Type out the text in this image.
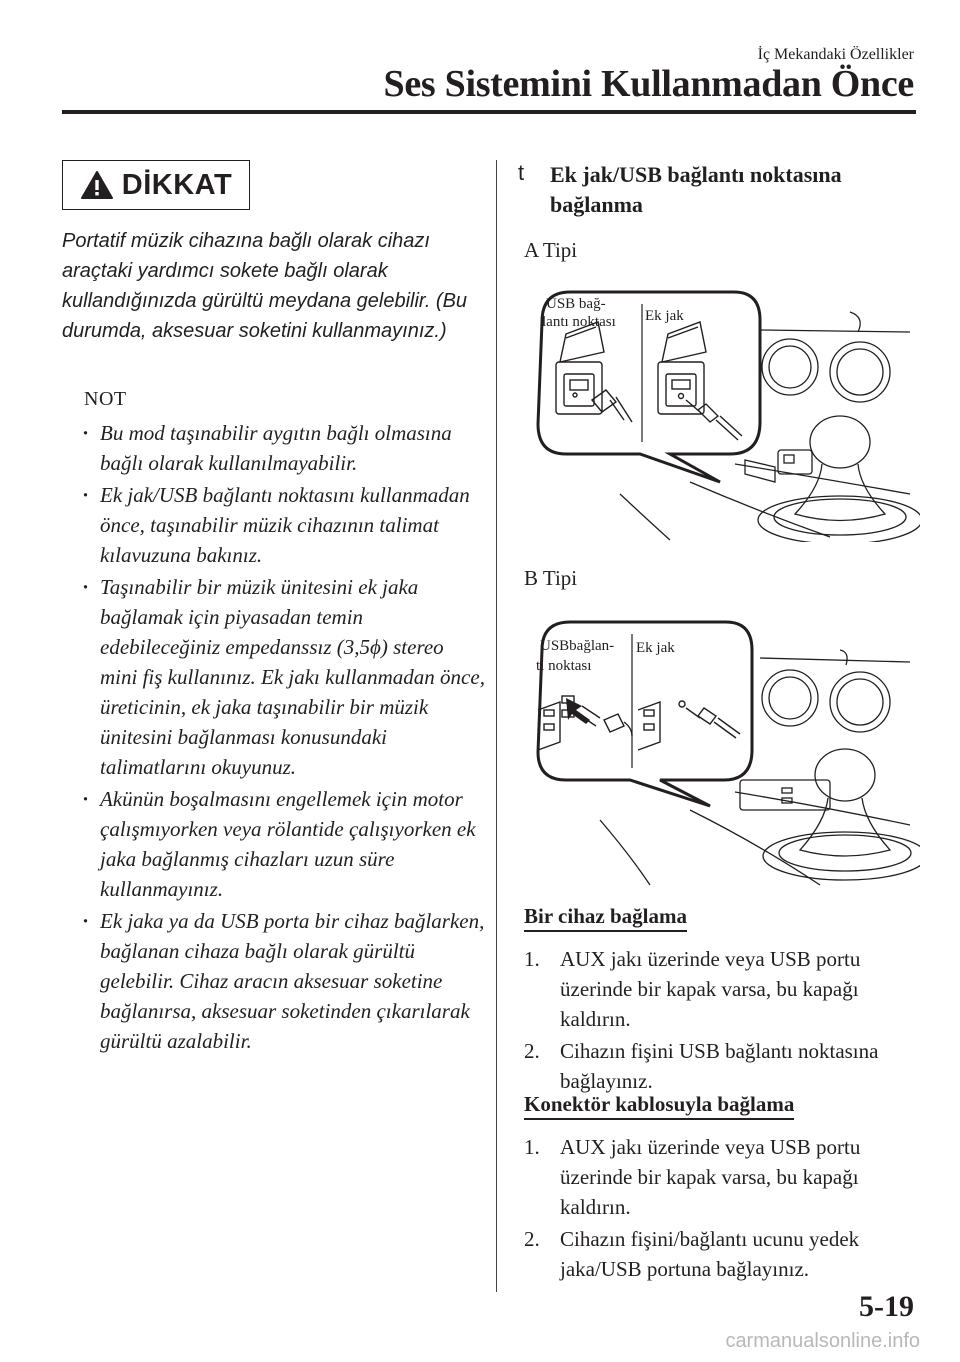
İç Mekandaki Özellikler
Ses Sistemini Kullanmadan Önce
DİKKAT
Portatif müzik cihazına bağlı olarak cihazı araçtaki yardımcı sokete bağlı olarak kullandığınızda gürültü meydana gelebilir. (Bu durumda, aksesuar soketini kullanmayınız.)
NOT
· Bu mod taşınabilir aygıtın bağlı olmasına bağlı olarak kullanılmayabilir.
· Ek jak/USB bağlantı noktasını kullanmadan önce, taşınabilir müzik cihazının talimat kılavuzuna bakınız.
· Taşınabilir bir müzik ünitesini ek jaka bağlamak için piyasadan temin edebileceğiniz empedanssız (3,5ϕ) stereo mini fiş kullanınız. Ek jakı kullanmadan önce, üreticinin, ek jaka taşınabilir bir müzik ünitesini bağlanması konusundaki talimatlarını okuyunuz.
· Akünün boşalmasını engellemek için motor çalışmıyorken veya rölantide çalışıyorken ek jaka bağlanmış cihazları uzun süre kullanmayınız.
· Ek jaka ya da USB porta bir cihaz bağlarken, bağlanan cihaza bağlı olarak gürültü gelebilir. Cihaz aracın aksesuar soketine bağlanırsa, aksesuar soketinden çıkarılarak gürültü azalabilir.
t Ek jak/USB bağlantı noktasına bağlanma
A Tipi
USB bağ-
lantı noktası Ek jak
B Tipi
USBbağlan-
tı noktası
Ek jak
Bir cihaz bağlama
1. AUX jakı üzerinde veya USB portu üzerinde bir kapak varsa, bu kapağı kaldırın.
2. Cihazın fişini USB bağlantı noktasına bağlayınız.
Konektör kablosuyla bağlama
1. AUX jakı üzerinde veya USB portu üzerinde bir kapak varsa, bu kapağı kaldırın.
2. Cihazın fişini/bağlantı ucunu yedek jaka/USB portuna bağlayınız.
5-19
carmanualsonline.info
